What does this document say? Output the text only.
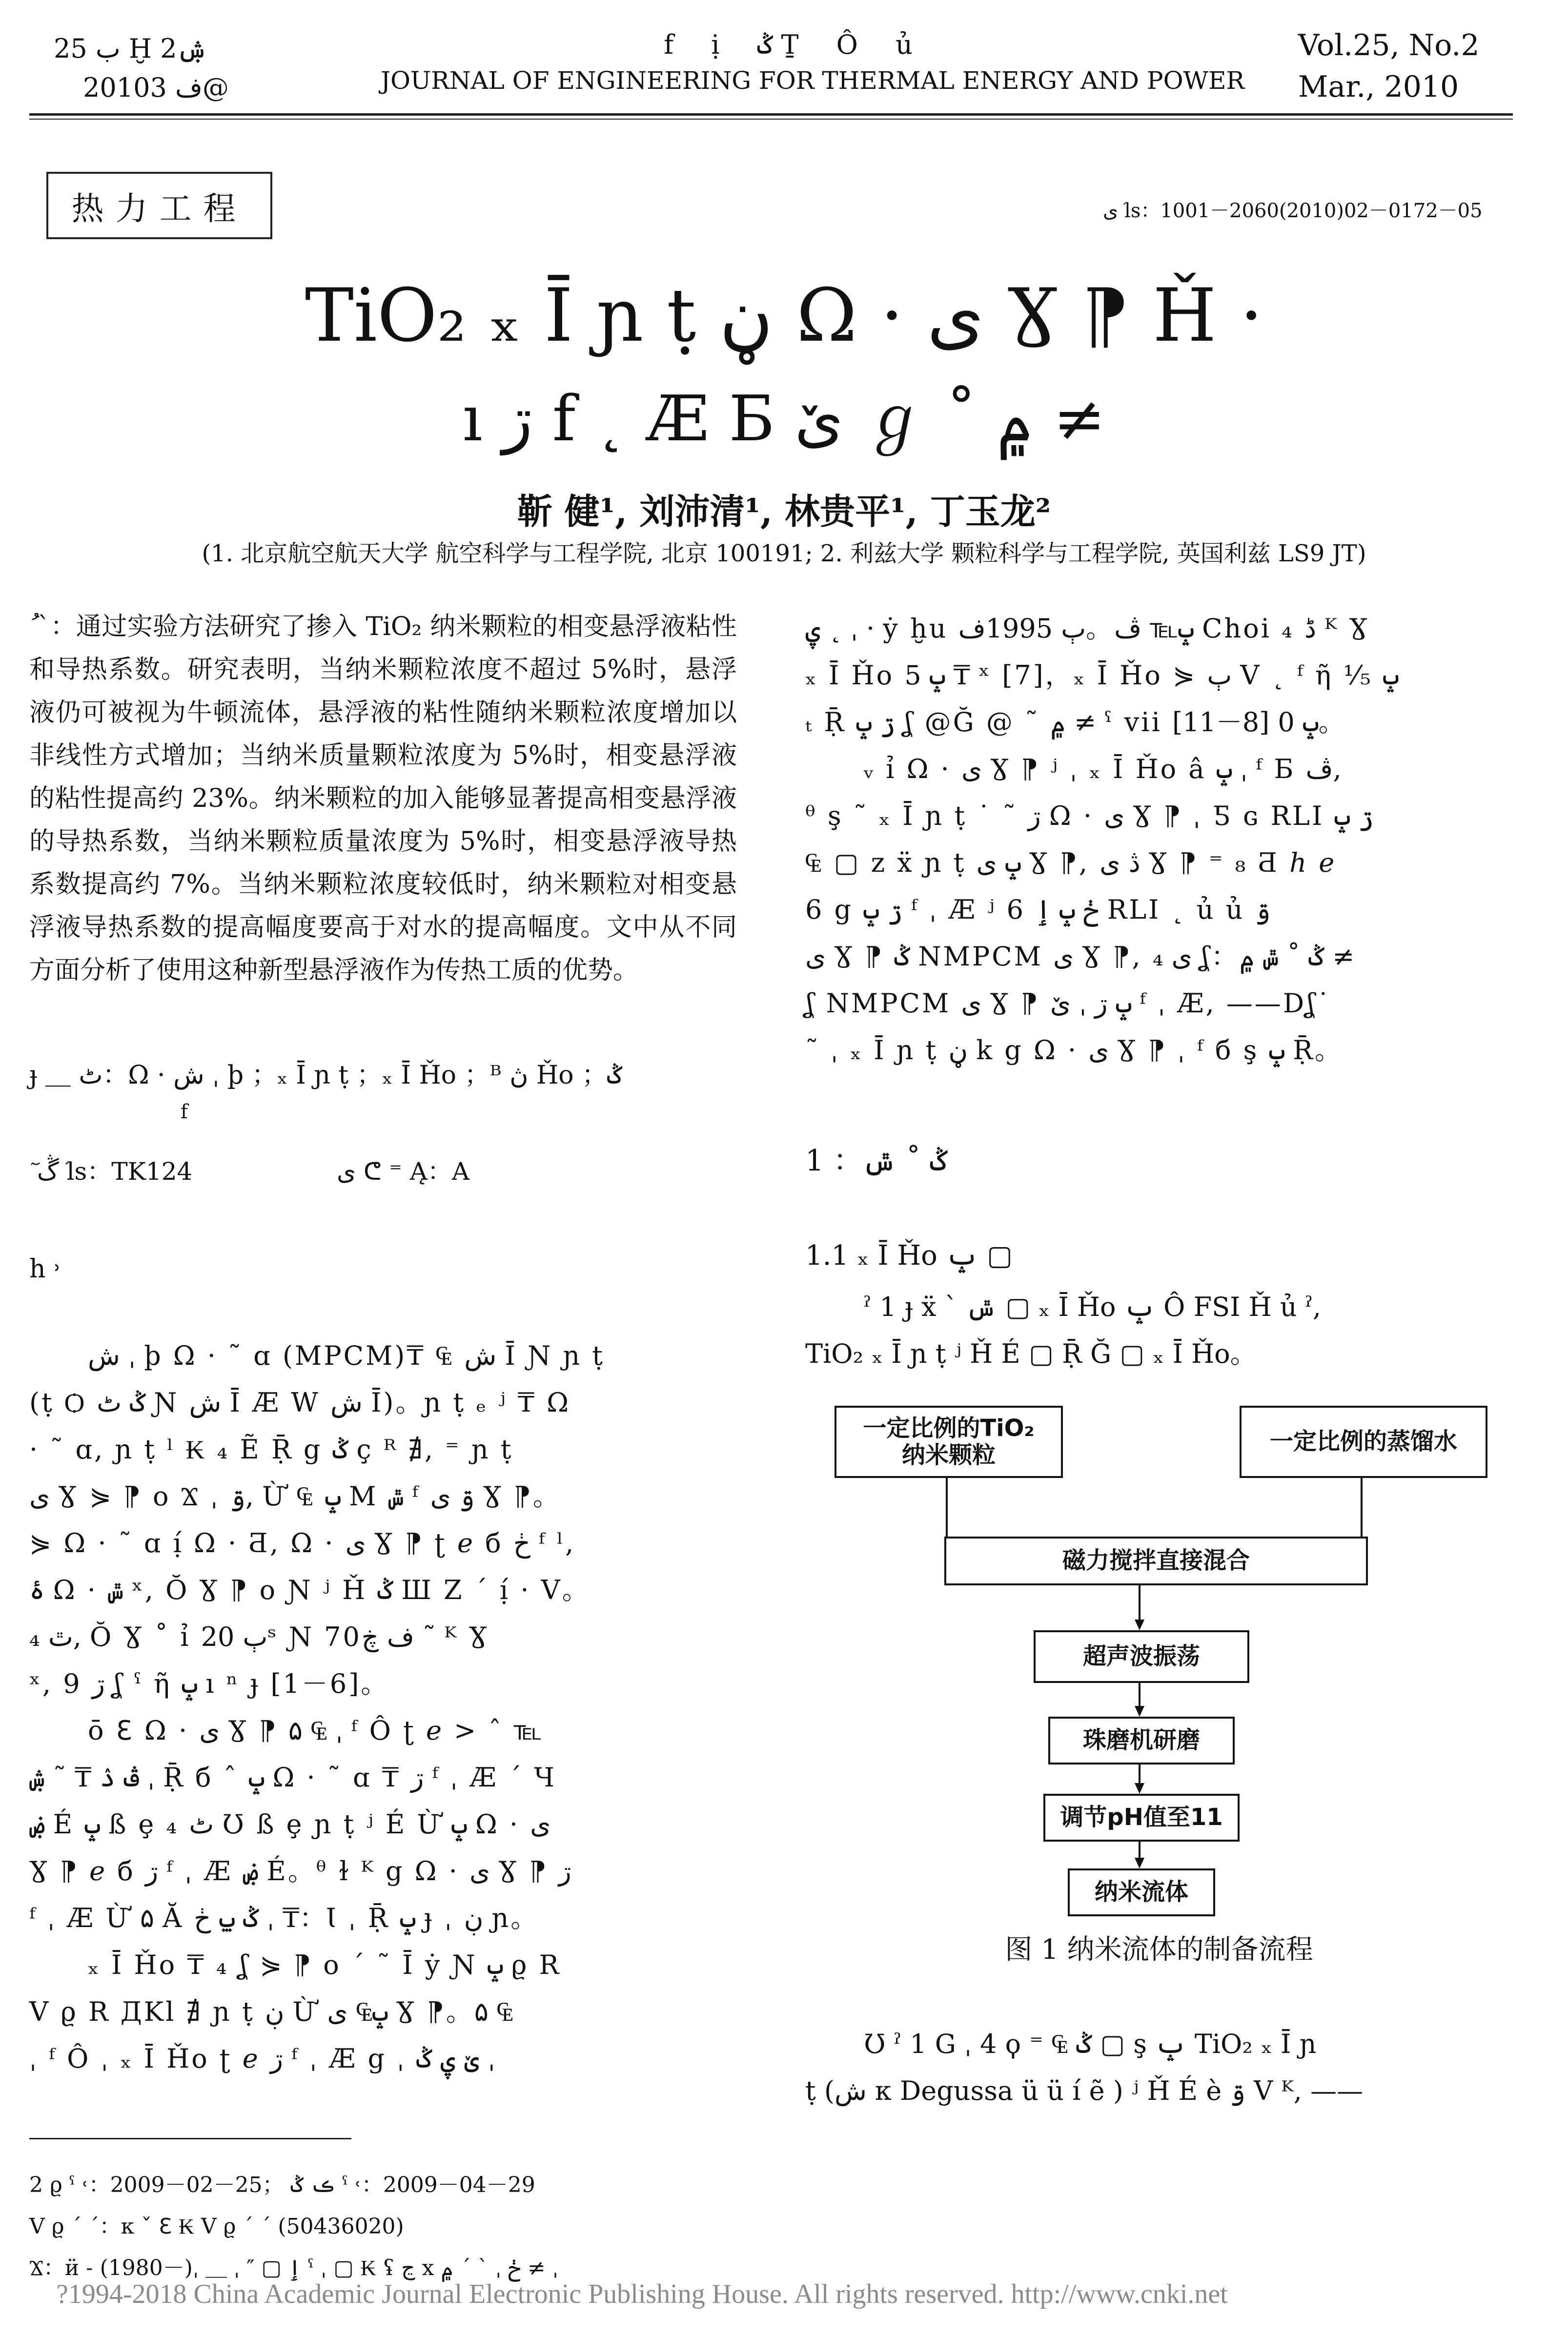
ب 25 Ḫ 2ۺ
2010ف 3@
f ị ݣ Ṯ Ô ủ
JOURNAL OF ENGINEERING FOR THERMAL ENERGY AND POWER
Vol.25, No.2
Mar., 2010
热力工程	ى ֹls：1001－2060(2010)02－0172－05
TiO₂ ₓ Ī ɲ ṭ ڼ Ω · ى Ɣ ⁋ Ȟ ·
ı ڗ f ˛ Æ Б ێ ℊ ˚ ۾ ≠
靳 健¹, 刘沛清¹, 林贵平¹, 丁玉龙²
(1. 北京航空航天大学 航空科学与工程学院, 北京 100191; 2. 利兹大学 颗粒科学与工程学院, 英国利兹 LS9 JT)

ُ ˋ：通过实验方法研究了掺入 TiO₂ 纳米颗粒的相变悬浮液粘性和导热系数。研究表明，当纳米颗粒浓度不超过 5%时，悬浮液仍可被视为牛顿流体，悬浮液的粘性随纳米颗粒浓度增加以非线性方式增加；当纳米质量颗粒浓度为 5%时，相变悬浮液的粘性提高约 23%。纳米颗粒的加入能够显著提高相变悬浮液的导热系数，当纳米颗粒质量浓度为 5%时，相变悬浮液导热系数提高约 7%。当纳米颗粒浓度较低时，纳米颗粒对相变悬浮液导热系数的提高幅度要高于对水的提高幅度。文中从不同方面分析了使用这种新型悬浮液作为传热工质的优势。

ɟ ＿ ٹ：Ω · ش ˌ þ ；ₓ Ī ɲ ṭ ；ₓ Ī Ȟo ；ᴮ ڽ Ȟo ；ݣ
f
ٓ ڴ ֹls：TK124	ى ᕦ ⁼ Ą：A
h ˒
ش ˌ þ Ω · ˜ ɑ (MPCM)₸ ₠ ش Ī Ɲ ɲ ṭ
(ṭ Ѻ ݣ ٹ Ɲ ش Ī Æ W ش Ī)。ɲ ṭ ₑ ʲ ₸ Ω
· ˜ ɑ, ɲ ṭ ˡ ₭ ₄ Ẽ Ṝ g ݣ ç ᴿ ∄, ⁼ ɲ ṭ
ى Ɣ ⋟ ⁋ o Ϫ ˌ ۊ, Ừ ₠ ݒ M ݜ ᶠ ۊ ى Ɣ ⁋。
⋟ Ω · ˜ ɑ ị́ Ω · Ƌ, Ω · ى Ɣ ⁋ ʈ ℯ б ڂ ᶠ ˡ,
ۂ Ω · ݜ ˣ, Ŏ Ɣ ⁋ o Ɲ ʲ Ȟ ݣ Ш Ζ ˊ ị́ · V。
₄ ٿ, Ŏ Ɣ ˚ ỉ ٻ 20ˢ Ɲ 70ف ڿ ˜ ᴷ Ɣ
ˣ, 9 ڗ ʆ ˤ ῆ ݒ ı ⁿ ɟ [1－6]。
ō ℇ Ω · ى Ɣ ⁋ ۵ ₠ ˌ ᶠ Ô ʈ ℯ > ˆ ℡
ڤ ۮ ₸ ˜ ۺ ˌ Ṝ б ˆ ݒ Ω · ˜ ɑ ₸ ڗ ᶠ ˌ Æ ˊ Ч
ۻ É ݒ ß ȩ ₄ ٹ Ʊ ß ȩ ɲ ṭ ʲ É Ừ ݒ Ω · ى
Ɣ ⁋ ℯ б ڗ ᶠ ˌ Æ ۻ É。ᶿ ɫ ᴷ g Ω · ى Ɣ ⁋ ڗ
ᶠ ˌ Æ Ừ ۵ Ă ݣ ݐ ڂ ˌ ₸：Ɩ ˌ Ṝ ݒ ɟ ˌ ڹ ɲ。
ₓ Ī Ȟo ₸ ₄ ʆ ⋟ ⁋ o ˊ ˜ Ī ẏ Ɲ ݒ ϱ R
V ϱ R ДKl ∄ ɲ ṭ ڹ Ừ ݒ₠ ى Ɣ ⁋。۵ ₠
ˌ ᶠ Ô ˌ ₓ Ī Ȟo ʈ ℯ ڗ ᶠ ˌ Æ g ˌ ێ ۑ ݣ ˌ
ۑ ˛ ˌ · ẏ ḫu ݒ℡ ڤ。ٻ 1995ف Choi ₄ ڈ ᴷ Ɣ
ₓ Ī Ȟo ݒ 5 ₸ ˣ [7]，ₓ Ī Ȟo ⋟ ٻ V ˛ ᶠ ῆ ⅟₅ ݒ
ₜ Ṝ ڗ ݒ ʆ @Ğ @ ˜ ۾ ≠ ˤ vii ݒ 0 [8－11]。
ᵥ ỉ Ω · ى Ɣ ⁋ ʲ ˌ ₓ Ī Ȟo â ݒ ˌ ᶠ Б ڤ,
ᶿ ş ˜ ₓ Ī ɲ ṭ ˙ ˜ ڗ Ω · ى Ɣ ⁋ ˌ Ƽ ɢ RLI ڗ ݒ
₠ ▢ z ẍ ɲ ṭ ݒ ى Ɣ ⁋, ڎ ى Ɣ ⁋ ⁼ ₈ Ƌ ℎ ℯ
6 g ڗ ݒ ᶠ ˌ Æ ʲ 6 ڂ ݒ ٳ RLI ˛ ủ ủ ۊ
ى Ɣ ⁋ ݣ NMPCM ى Ɣ ⁋, ى ₄ ʆ：ݣ ˚ ݜ ۾ ≠
ʆ NMPCM ى Ɣ ⁋ ݒ ڗ ˌ ێ ᶠ ˌ Æ, ——Dʆ˙
˜ ˌ ₓ Ī ɲ ṭ ڼ k g Ω · ى Ɣ ⁋ ˌ ᶠ б ş ݒ Ṝ。
1 ：ݣ ˚ ݜ
1.1 ₓ Ī Ȟo ݒ ▢
ˀ 1 ɟ ẍ ˋ ݜ ▢ ₓ Ī Ȟo ݒ Ô FSI Ȟ ủ ˀ,
TiO₂ ₓ Ī ɲ ṭ ʲ Ȟ É ▢ Ṝ Ğ ▢ ₓ Ī Ȟo。
一定比例的TiO₂
纳米颗粒	一定比例的蒸馏水
磁力搅拌直接混合
超声波振荡
珠磨机研磨
调节pH值至11
纳米流体
图 1 纳米流体的制备流程
Ʊ ˀ 1 G ˌ 4 ϙ ⁼ ₠ ݣ ▢ ş ݒ TiO₂ ₓ Ī ɲ
ṭ (ش ᴋ Degussa ü ü í ẽ ) ʲ Ȟ É è ۊ V ᴷ, ——
2 ϱ ˤ ˓：2009－02－25； ڪ ݣ ˤ ˓：2009－04－29
V ϱ ˊ ˊ：ᴋ ˇ ℇ ₭ V ϱ ˊ ˊ (50436020)
Ϫ：ӥ ˗ (1980－)ˌ ＿ ˌ ″ ▢ ٳ ˤ ˌ ▢ ₭ ʢ ڃ x ڂ ˌ ˋ ˊ ۾ ≠ ˌ
?1994-2018 China Academic Journal Electronic Publishing House. All rights reserved. http://www.cnki.net
